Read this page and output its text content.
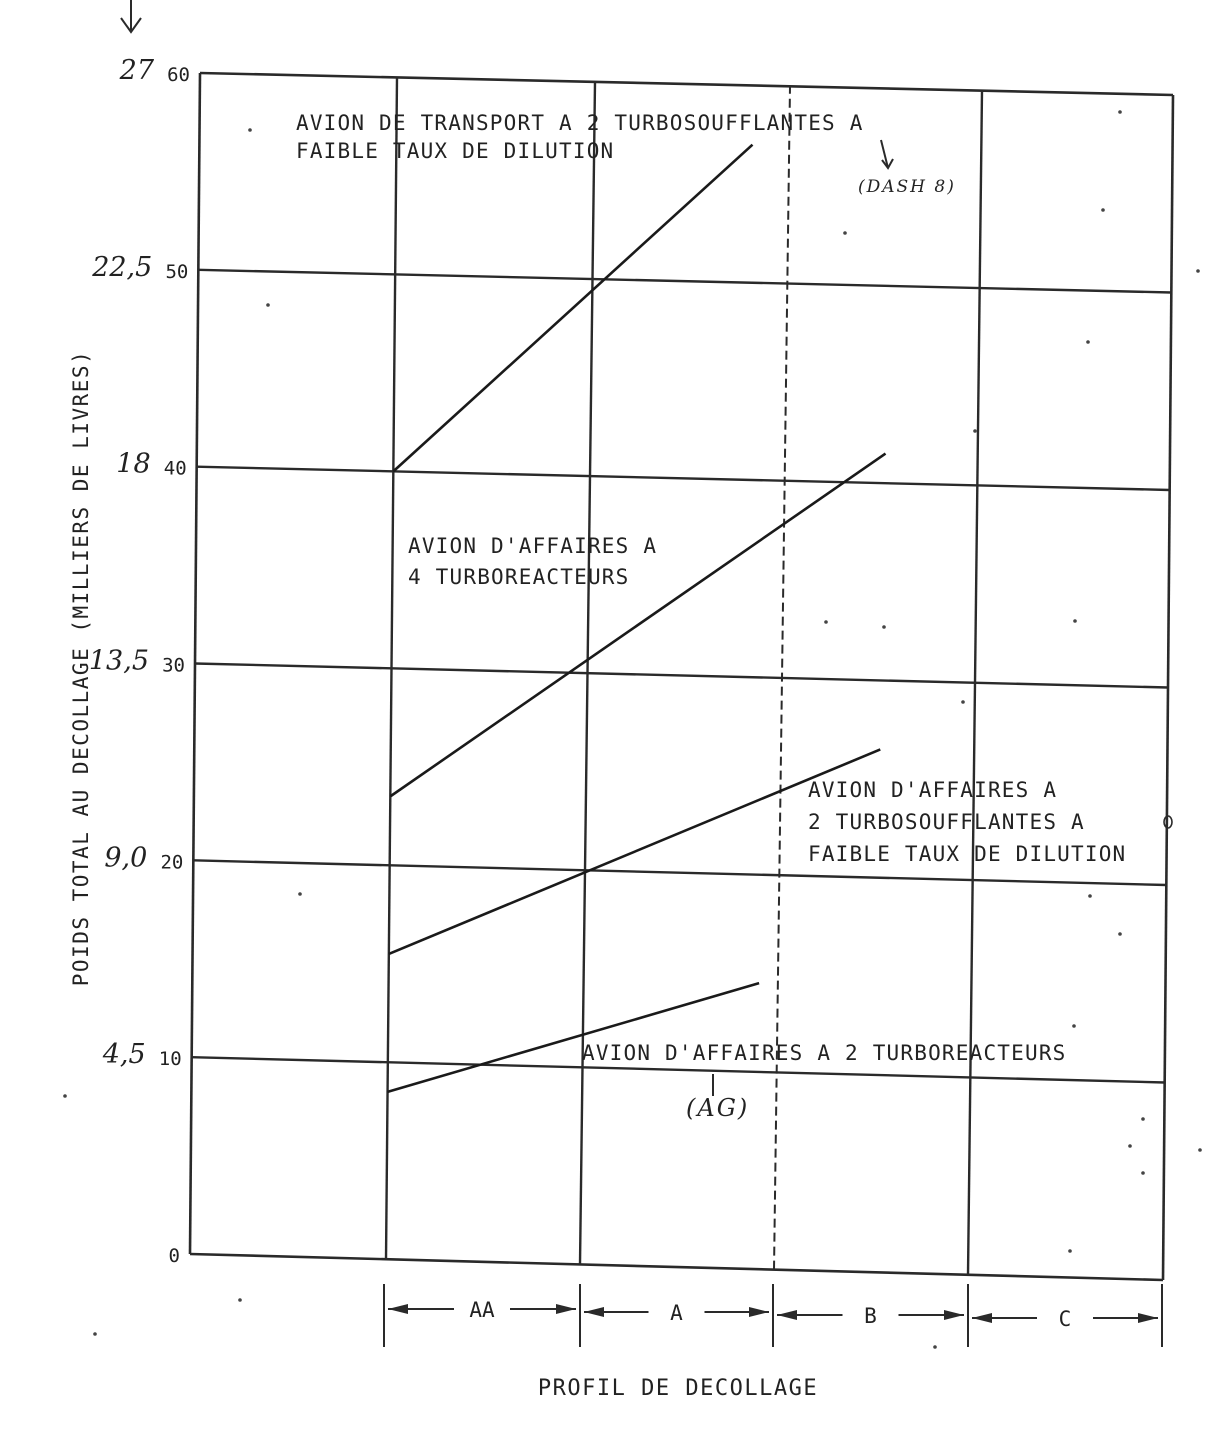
0
10
20
30
40
50
60
4,5
9,0
13,5
18
22,5
27
AVION DE TRANSPORT A 2 TURBOSOUFFLANTES A
FAIBLE TAUX DE DILUTION
AVION D'AFFAIRES A
4 TURBOREACTEURS
AVION D'AFFAIRES A
2 TURBOSOUFFLANTES A
FAIBLE TAUX DE DILUTION
AVION D'AFFAIRES A 2 TURBOREACTEURS
(DASH 8)
(AG)
AA	A	B	C
POIDS TOTAL AU DECOLLAGE (MILLIERS DE LIVRES)
PROFIL DE DECOLLAGE
